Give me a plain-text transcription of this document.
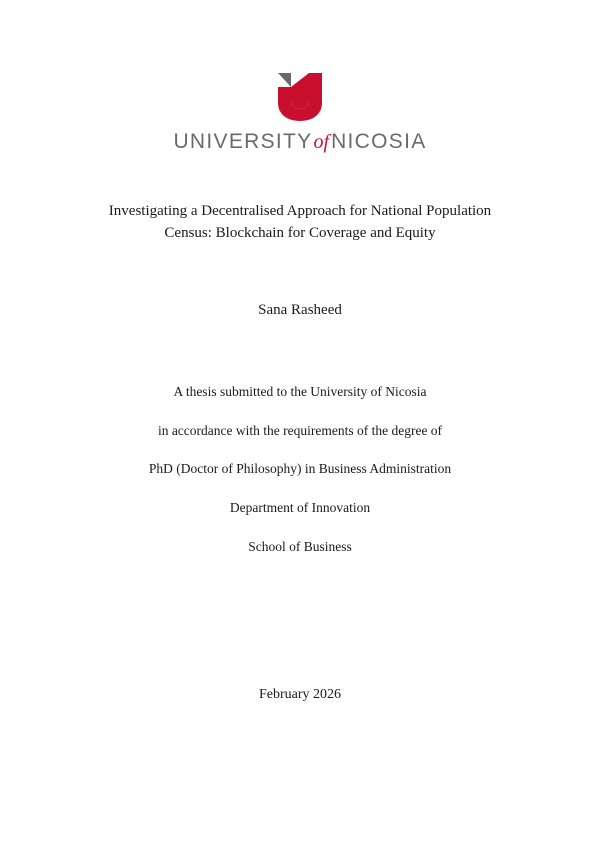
UNIVERSITYofNICOSIA
Investigating a Decentralised Approach for National Population
Census: Blockchain for Coverage and Equity
Sana Rasheed
A thesis submitted to the University of Nicosia
in accordance with the requirements of the degree of
PhD (Doctor of Philosophy) in Business Administration
Department of Innovation
School of Business
February 2026
